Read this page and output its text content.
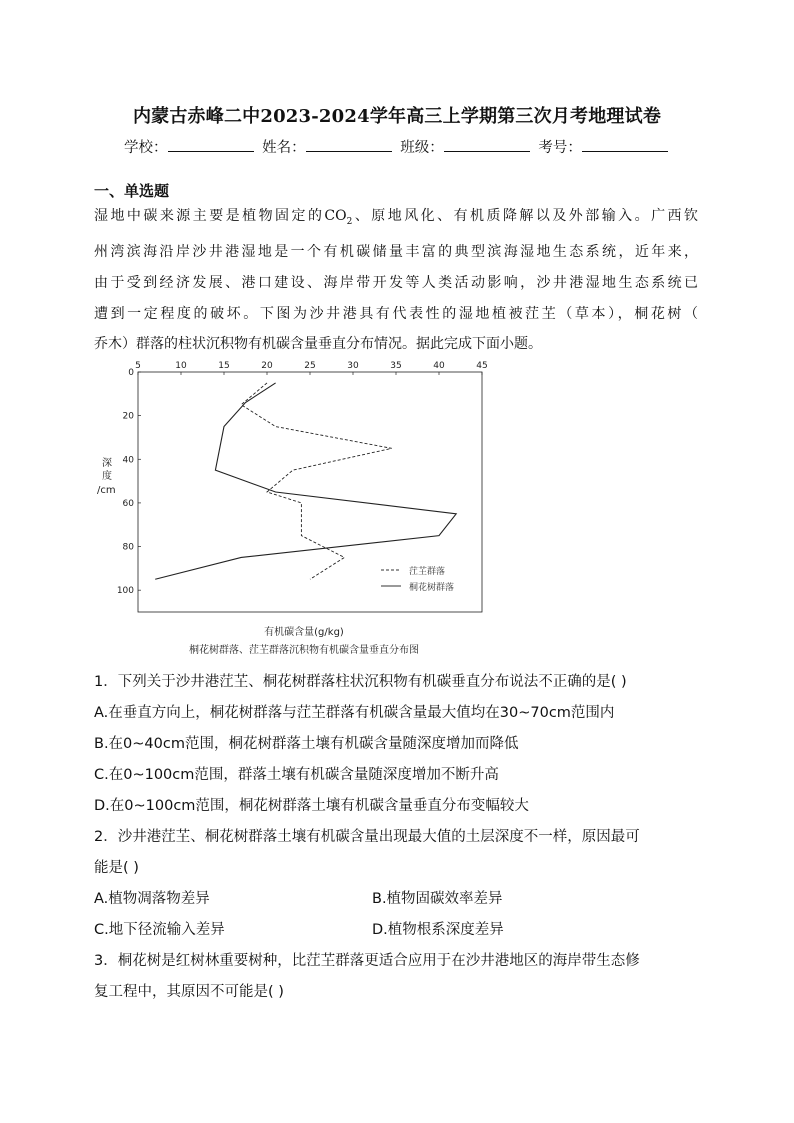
内蒙古赤峰二中2023-2024学年高三上学期第三次月考地理试卷
学校：	姓名：	班级：	考号：
一、单选题
湿地中碳来源主要是植物固定的$CO_2$、原地风化、有机质降解以及外部输入。广西钦
州湾滨海沿岸沙井港湿地是一个有机碳储量丰富的典型滨海湿地生态系统，近年来，
由于受到经济发展、港口建设、海岸带开发等人类活动影响，沙井港湿地生态系统已
遭到一定程度的破坏。下图为沙井港具有代表性的湿地植被茳芏（草本），桐花树（
乔木）群落的柱状沉积物有机碳含量垂直分布情况。据此完成下面小题。
5	10	15	20	25	30	35	40	45
0
20
40
60
80
100
茳芏群落
桐花树群落
深
度
/cm
有机碳含量(g/kg)
桐花树群落、茳芏群落沉积物有机碳含量垂直分布图
1．下列关于沙井港茳芏、桐花树群落柱状沉积物有机碳垂直分布说法不正确的是( )
A.在垂直方向上，桐花树群落与茳芏群落有机碳含量最大值均在30~70cm范围内
B.在0~40cm范围，桐花树群落土壤有机碳含量随深度增加而降低
C.在0~100cm范围，群落土壤有机碳含量随深度增加不断升高
D.在0~100cm范围，桐花树群落土壤有机碳含量垂直分布变幅较大
2．沙井港茳芏、桐花树群落土壤有机碳含量出现最大值的土层深度不一样，原因最可
能是( )
A.植物凋落物差异	B.植物固碳效率差异
C.地下径流输入差异	D.植物根系深度差异
3．桐花树是红树林重要树种，比茳芏群落更适合应用于在沙井港地区的海岸带生态修
复工程中，其原因不可能是( )
